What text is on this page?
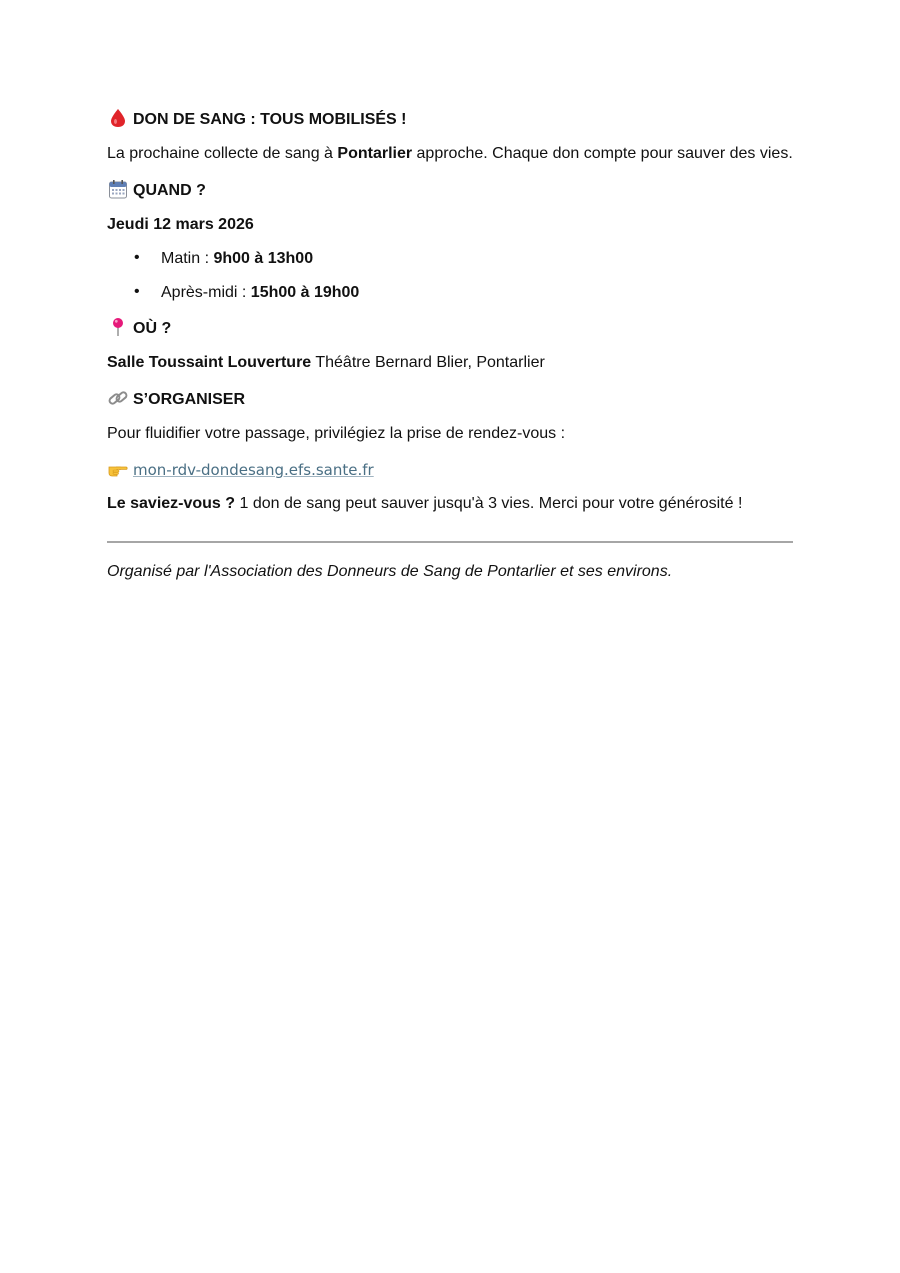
DON DE SANG : TOUS MOBILISÉS !
La prochaine collecte de sang à Pontarlier approche. Chaque don compte pour sauver des vies.
QUAND ?
Jeudi 12 mars 2026
• Matin : 9h00 à 13h00
• Après-midi : 15h00 à 19h00
OÙ ?
Salle Toussaint Louverture Théâtre Bernard Blier, Pontarlier
S’ORGANISER
Pour fluidifier votre passage, privilégiez la prise de rendez-vous :
mon-rdv-dondesang.efs.sante.fr
Le saviez-vous ? 1 don de sang peut sauver jusqu'à 3 vies. Merci pour votre générosité !
Organisé par l'Association des Donneurs de Sang de Pontarlier et ses environs.
